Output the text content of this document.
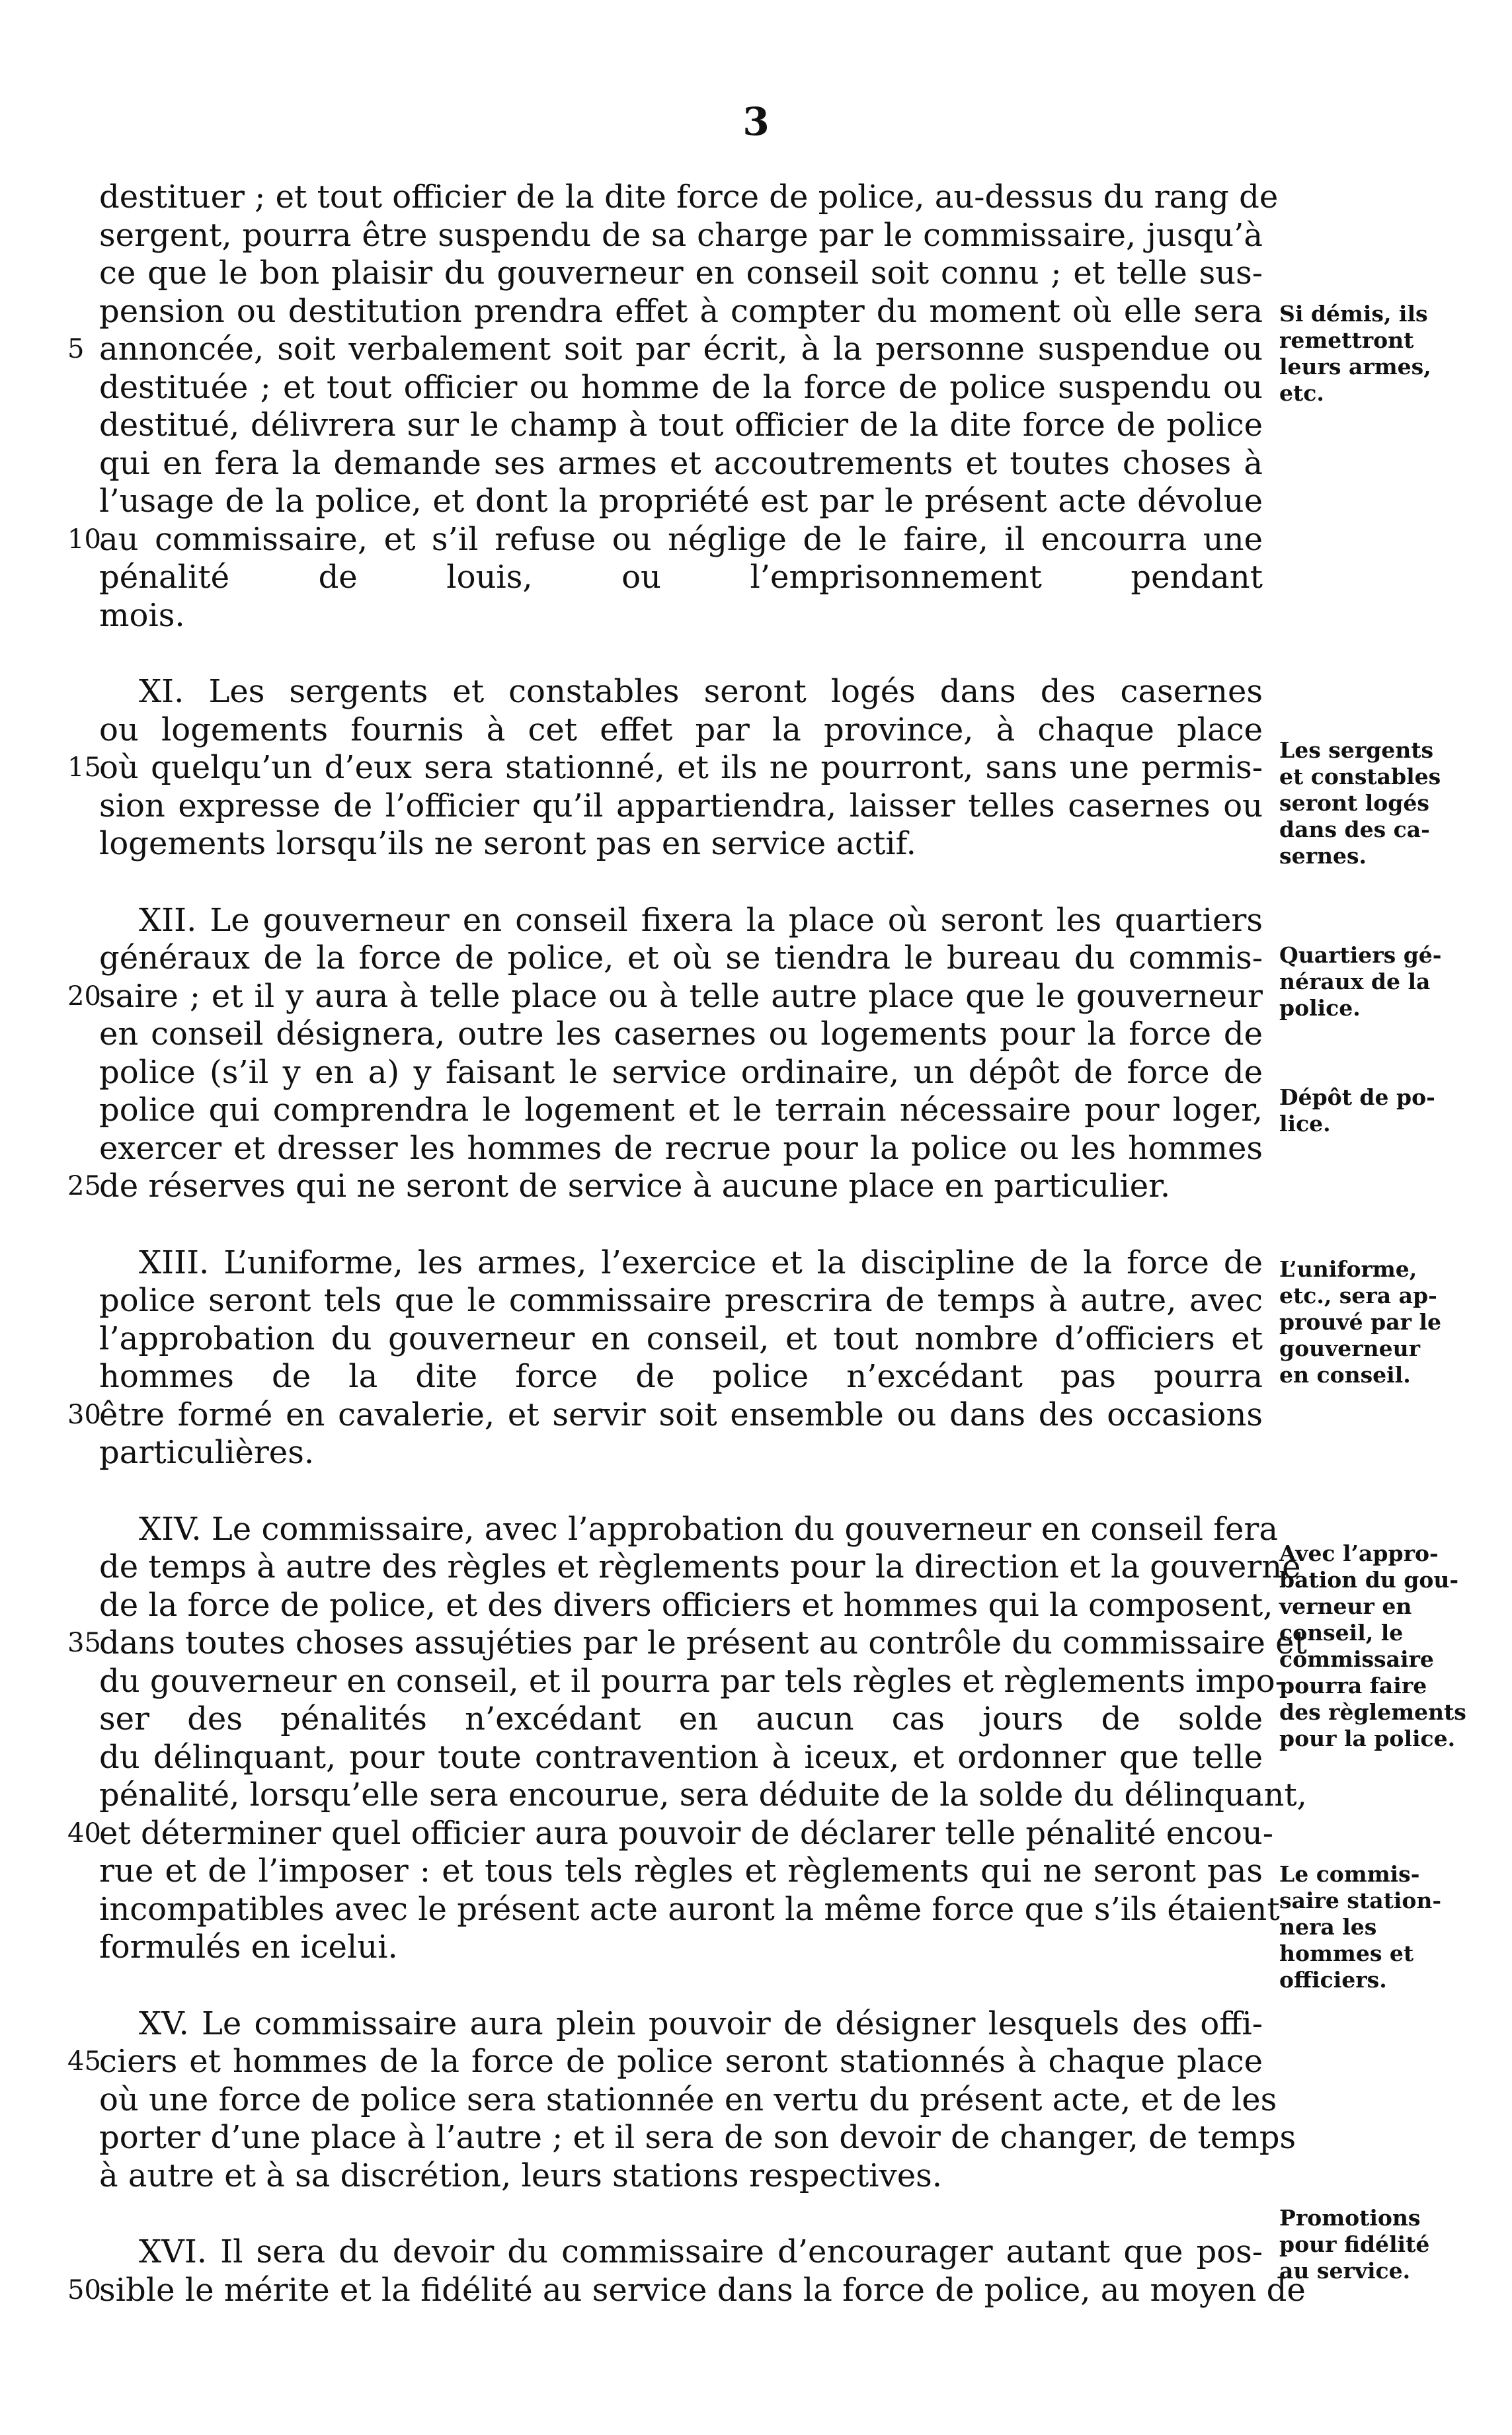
3
destituer ; et tout officier de la dite force de police, au-dessus du rang de
sergent, pourra être suspendu de sa charge par le commissaire, jusqu’à
ce que le bon plaisir du gouverneur en conseil soit connu ; et telle sus-
pension ou destitution prendra effet à compter du moment où elle sera
annoncée, soit verbalement soit par écrit, à la personne suspendue ou
5
destituée ; et tout officier ou homme de la force de police suspendu ou
destitué, délivrera sur le champ à tout officier de la dite force de police
qui en fera la demande ses armes et accoutrements et toutes choses à
l’usage de la police, et dont la propriété est par le présent acte dévolue
au commissaire, et s’il refuse ou néglige de le faire, il encourra une
10
pénalité de louis, ou l’emprisonnement pendant
mois.
XI. Les sergents et constables seront logés dans des casernes
ou logements fournis à cet effet par la province, à chaque place
où quelqu’un d’eux sera stationné, et ils ne pourront, sans une permis-
15
sion expresse de l’officier qu’il appartiendra, laisser telles casernes ou
logements lorsqu’ils ne seront pas en service actif.
XII. Le gouverneur en conseil fixera la place où seront les quartiers
généraux de la force de police, et où se tiendra le bureau du commis-
saire ; et il y aura à telle place ou à telle autre place que le gouverneur
20
en conseil désignera, outre les casernes ou logements pour la force de
police (s’il y en a) y faisant le service ordinaire, un dépôt de force de
police qui comprendra le logement et le terrain nécessaire pour loger,
exercer et dresser les hommes de recrue pour la police ou les hommes
de réserves qui ne seront de service à aucune place en particulier.
25
XIII. L’uniforme, les armes, l’exercice et la discipline de la force de
police seront tels que le commissaire prescrira de temps à autre, avec
l’approbation du gouverneur en conseil, et tout nombre d’officiers et
hommes de la dite force de police n’excédant pas pourra
être formé en cavalerie, et servir soit ensemble ou dans des occasions
30
particulières.
XIV. Le commissaire, avec l’approbation du gouverneur en conseil fera
de temps à autre des règles et règlements pour la direction et la gouverne
de la force de police, et des divers officiers et hommes qui la composent,
dans toutes choses assujéties par le présent au contrôle du commissaire et
35
du gouverneur en conseil, et il pourra par tels règles et règlements impo-
ser des pénalités n’excédant en aucun cas jours de solde
du délinquant, pour toute contravention à iceux, et ordonner que telle
pénalité, lorsqu’elle sera encourue, sera déduite de la solde du délinquant,
et déterminer quel officier aura pouvoir de déclarer telle pénalité encou-
40
rue et de l’imposer : et tous tels règles et règlements qui ne seront pas
incompatibles avec le présent acte auront la même force que s’ils étaient
formulés en icelui.
XV. Le commissaire aura plein pouvoir de désigner lesquels des offi-
ciers et hommes de la force de police seront stationnés à chaque place
45
où une force de police sera stationnée en vertu du présent acte, et de les
porter d’une place à l’autre ; et il sera de son devoir de changer, de temps
à autre et à sa discrétion, leurs stations respectives.
XVI. Il sera du devoir du commissaire d’encourager autant que pos-
sible le mérite et la fidélité au service dans la force de police, au moyen de
50
Si démis, ils
remettront
leurs armes,
etc.
Les sergents
et constables
seront logés
dans des ca-
sernes.
Quartiers gé-
néraux de la
police.
Dépôt de po-
lice.
L’uniforme,
etc., sera ap-
prouvé par le
gouverneur
en conseil.
Avec l’appro-
bation du gou-
verneur en
conseil, le
commissaire
pourra faire
des règlements
pour la police.
Le commis-
saire station-
nera les
hommes et
officiers.
Promotions
pour fidélité
au service.
